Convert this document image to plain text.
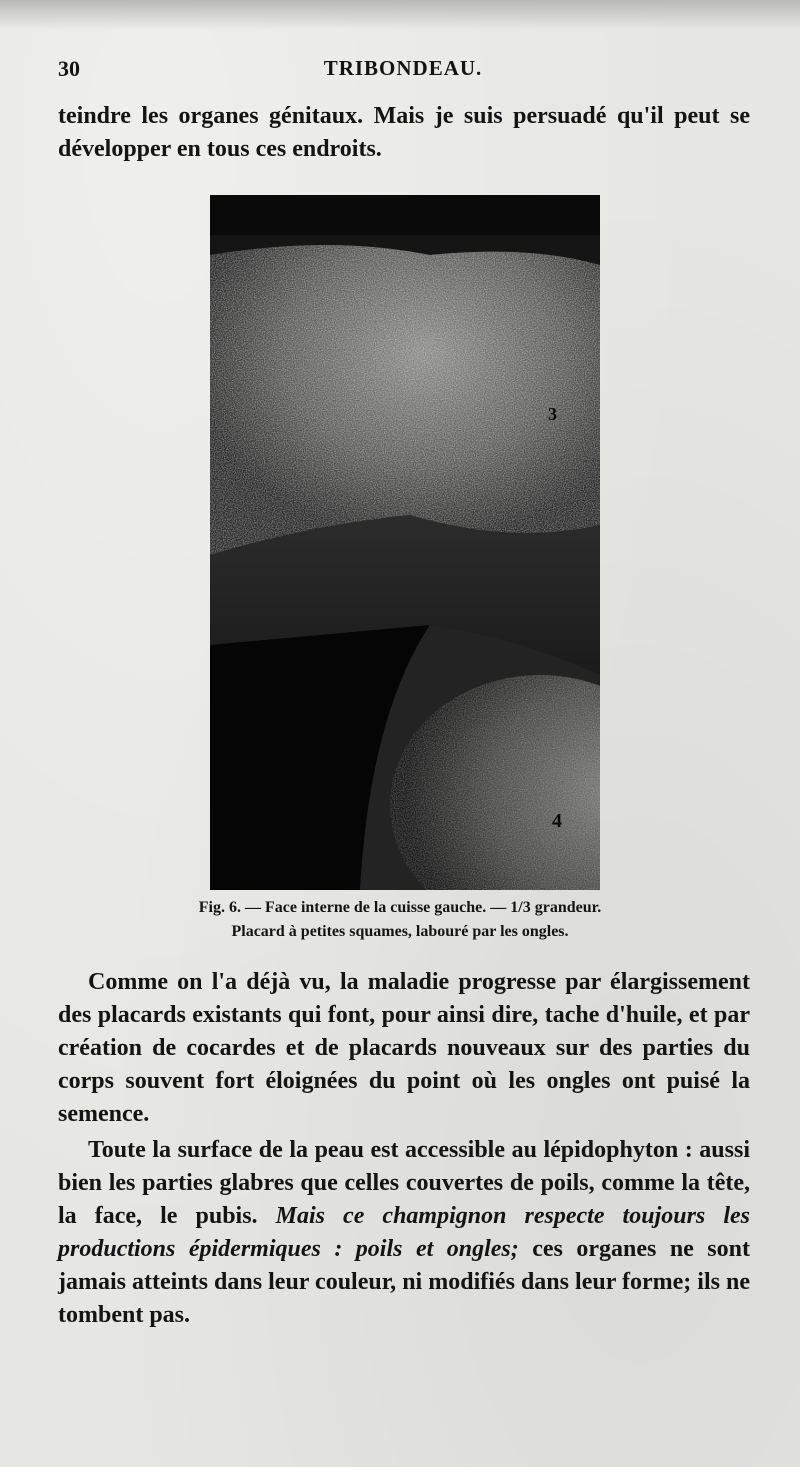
30	TRIBONDEAU.

teindre les organes génitaux. Mais je suis persuadé qu'il peut se développer en tous ces endroits.

3
4

Fig. 6. — Face interne de la cuisse gauche. — 1/3 grandeur.

Placard à petites squames, labouré par les ongles.

Comme on l'a déjà vu, la maladie progresse par élargissement des placards existants qui font, pour ainsi dire, tache d'huile, et par création de cocardes et de placards nouveaux sur des parties du corps souvent fort éloignées du point où les ongles ont puisé la semence.

Toute la surface de la peau est accessible au lépidophyton : aussi bien les parties glabres que celles couvertes de poils, comme la tête, la face, le pubis. Mais ce champignon respecte toujours les productions épidermiques : poils et ongles; ces organes ne sont jamais atteints dans leur couleur, ni modifiés dans leur forme; ils ne tombent pas.
